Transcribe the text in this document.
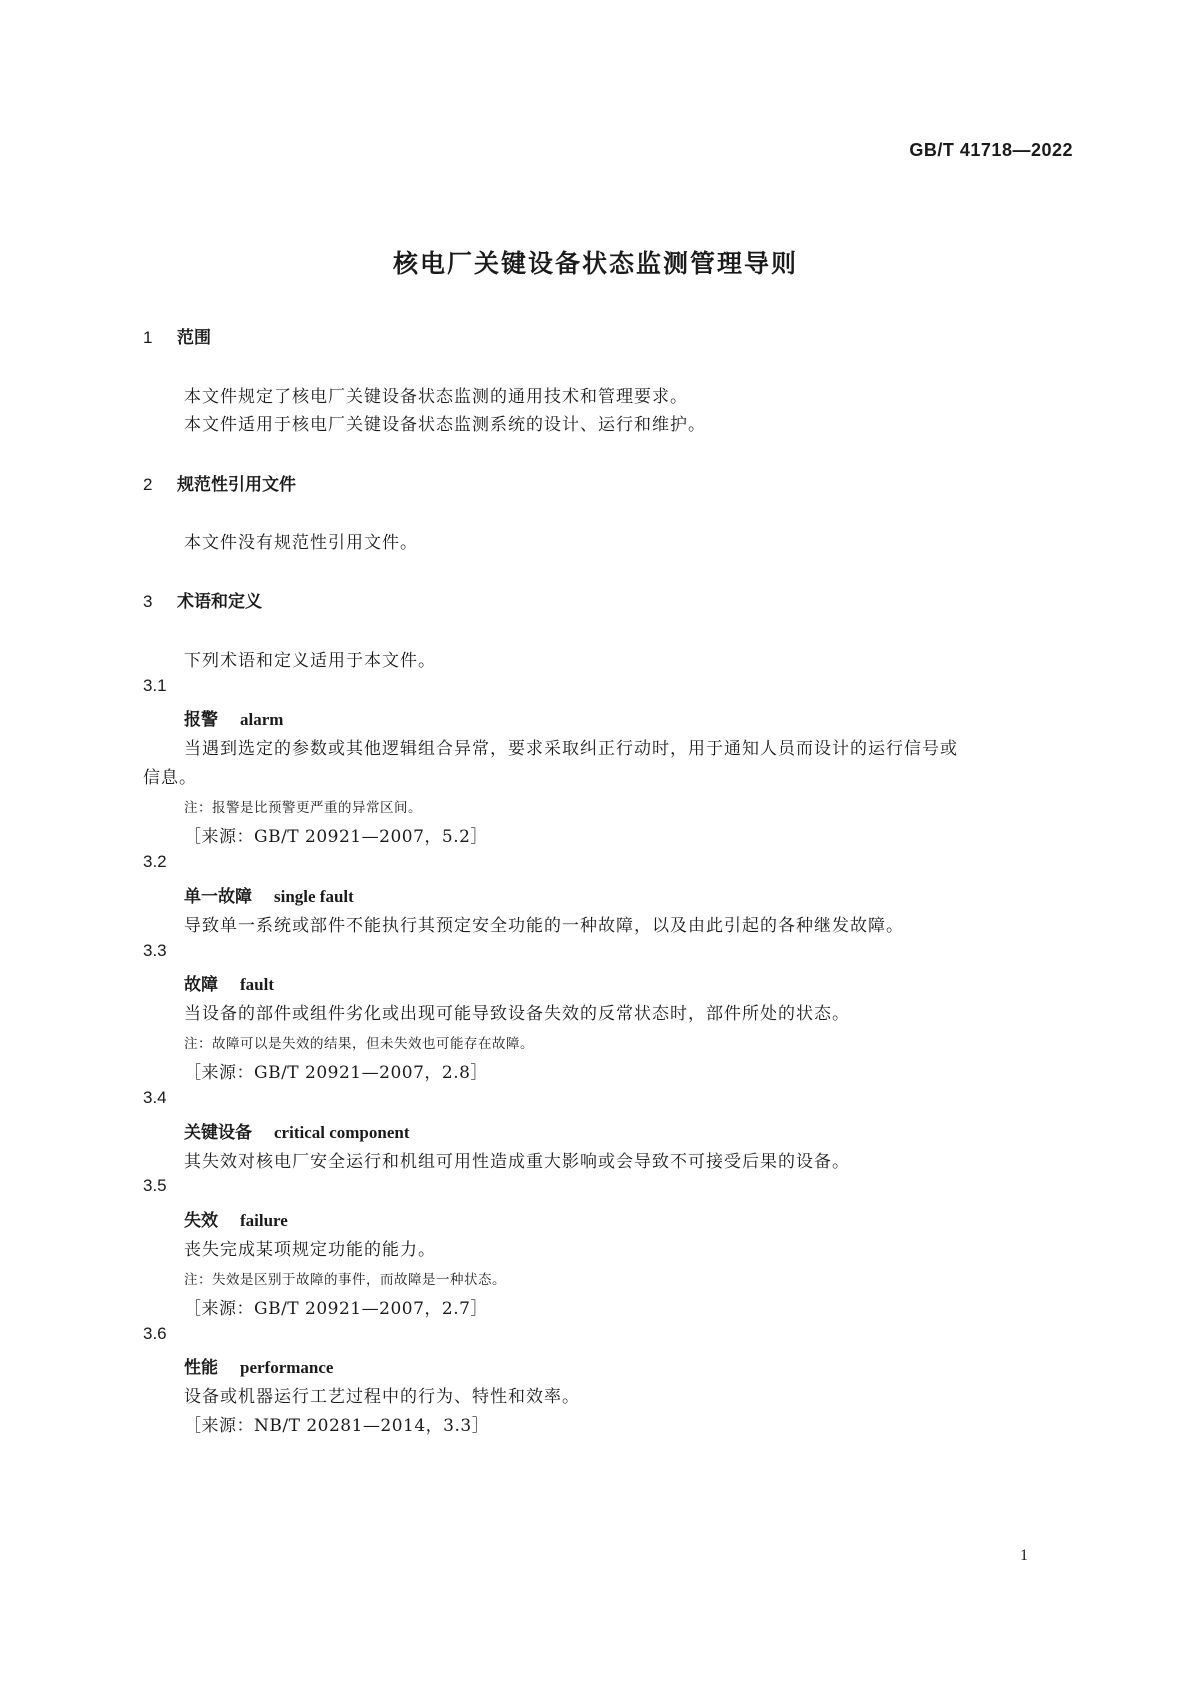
GB/T 41718—2022
核电厂关键设备状态监测管理导则
1 范围
本文件规定了核电厂关键设备状态监测的通用技术和管理要求。
本文件适用于核电厂关键设备状态监测系统的设计、运行和维护。
2 规范性引用文件
本文件没有规范性引用文件。
3 术语和定义
下列术语和定义适用于本文件。
3.1
报警 alarm
当遇到选定的参数或其他逻辑组合异常，要求采取纠正行动时，用于通知人员而设计的运行信号或
信息。
注：报警是比预警更严重的异常区间。
［来源：GB/T 20921—2007，5.2］
3.2
单一故障 single fault
导致单一系统或部件不能执行其预定安全功能的一种故障，以及由此引起的各种继发故障。
3.3
故障 fault
当设备的部件或组件劣化或出现可能导致设备失效的反常状态时，部件所处的状态。
注：故障可以是失效的结果，但未失效也可能存在故障。
［来源：GB/T 20921—2007，2.8］
3.4
关键设备 critical component
其失效对核电厂安全运行和机组可用性造成重大影响或会导致不可接受后果的设备。
3.5
失效 failure
丧失完成某项规定功能的能力。
注：失效是区别于故障的事件，而故障是一种状态。
［来源：GB/T 20921—2007，2.7］
3.6
性能 performance
设备或机器运行工艺过程中的行为、特性和效率。
［来源：NB/T 20281—2014，3.3］
1
